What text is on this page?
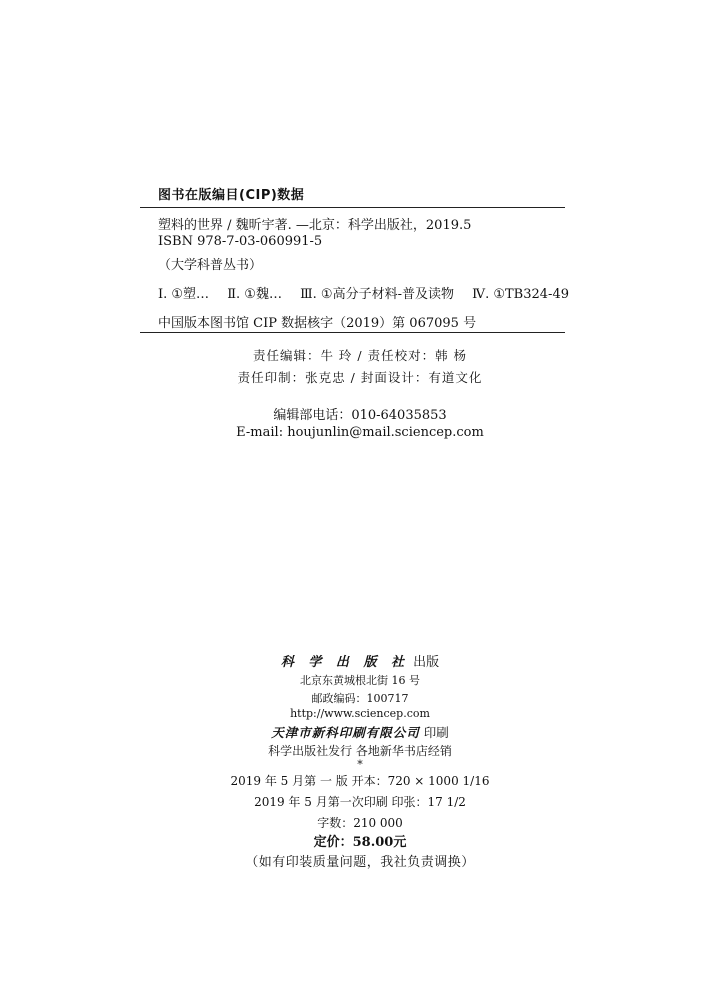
图书在版编目(CIP)数据
塑料的世界 / 魏昕宇著. —北京：科学出版社，2019.5
ISBN 978-7-03-060991-5
（大学科普丛书）
Ⅰ. ①塑… Ⅱ. ①魏… Ⅲ. ①高分子材料-普及读物 Ⅳ. ①TB324-49
中国版本图书馆 CIP 数据核字（2019）第 067095 号
责任编辑：牛 玲 / 责任校对：韩 杨
责任印制：张克忠 / 封面设计：有道文化
编辑部电话：010-64035853
E-mail: houjunlin@mail.sciencep.com
科 学 出 版 社 出版
北京东黄城根北街 16 号
邮政编码：100717
http://www.sciencep.com
天津市新科印刷有限公司 印刷
科学出版社发行 各地新华书店经销
*
2019 年 5 月第 一 版 开本：720 × 1000 1/16
2019 年 5 月第一次印刷 印张：17 1/2
字数：210 000
定价：58.00元
（如有印装质量问题，我社负责调换）
